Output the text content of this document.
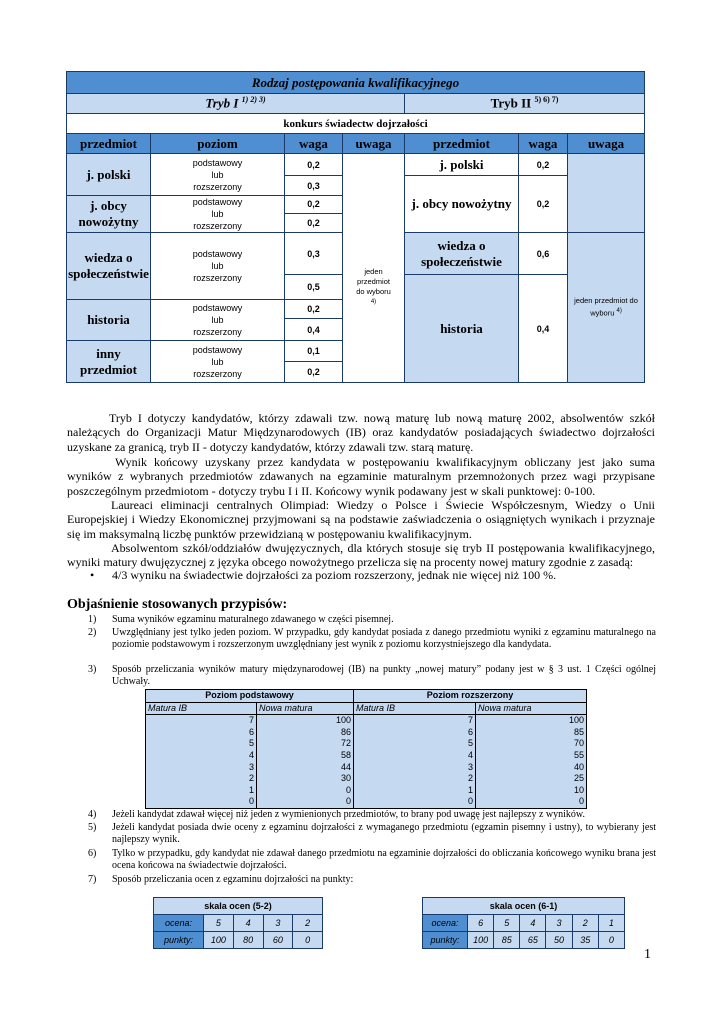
Rodzaj postępowania kwalifikacyjnego						
Tryb I $^{1) 2) 3)}$				Tryb II $^{5) 6) 7)}$
konkurs świadectw dojrzałości						
przedmiot	poziom	waga	uwaga	przedmiot	waga	uwaga
j. polski	podstawowy
lub
rozszerzony	0,2	jeden przedmiot do wyboru $^{4)}$	j. polski	0,2	
		0,3		j. obcy nowożytny	0,2	
j. obcy nowożytny	podstawowy
lub
rozszerzony	0,2				
		0,2				
wiedza o społeczeństwie	podstawowy
lub
rozszerzony	0,3		wiedza o społeczeństwie	0,6	jeden przedmiot do wyboru $^{4)}$

		0,5		historia	0,4	
historia	podstawowy
lub
rozszerzony	0,2				
		0,4				
inny przedmiot	podstawowy
lub
rozszerzony	0,1				
		0,2				
Tryb I dotyczy kandydatów, którzy zdawali tzw. nową maturę lub nową maturę 2002, absolwentów szkół należących do Organizacji Matur Międzynarodowych (IB) oraz kandydatów posiadających świadectwo dojrzałości uzyskane za granicą, tryb II - dotyczy kandydatów, którzy zdawali tzw. starą maturę.
Wynik końcowy uzyskany przez kandydata w postępowaniu kwalifikacyjnym obliczany jest jako suma wyników z wybranych przedmiotów zdawanych na egzaminie maturalnym przemnożonych przez wagi przypisane poszczególnym przedmiotom - dotyczy trybu I i II. Końcowy wynik podawany jest w skali punktowej: 0-100.
Laureaci eliminacji centralnych Olimpiad: Wiedzy o Polsce i Świecie Współczesnym, Wiedzy o Unii Europejskiej i Wiedzy Ekonomicznej przyjmowani są na podstawie zaświadczenia o osiągniętych wynikach i przyznaje się im maksymalną liczbę punktów przewidzianą w postępowaniu kwalifikacyjnym.
Absolwentom szkół/oddziałów dwujęzycznych, dla których stosuje się tryb II postępowania kwalifikacyjnego, wyniki matury dwujęzycznej z języka obcego nowożytnego przelicza się na procenty nowej matury zgodnie z zasadą:
• 4/3 wyniku na świadectwie dojrzałości za poziom rozszerzony, jednak nie więcej niż 100 %.
Objaśnienie stosowanych przypisów:
1) Suma wyników egzaminu maturalnego zdawanego w części pisemnej.
2) Uwzględniany jest tylko jeden poziom. W przypadku, gdy kandydat posiada z danego przedmiotu wyniki z egzaminu maturalnego na poziomie podstawowym i rozszerzonym uwzględniany jest wynik z poziomu korzystniejszego dla kandydata.
3) Sposób przeliczania wyników matury międzynarodowej (IB) na punkty „nowej matury” podany jest w § 3 ust. 1 Części ogólnej Uchwały.
Poziom podstawowy		Poziom rozszerzony	
Matura IB	Nowa matura	Matura IB	Nowa matura
7	100	7	100
6	86	6	85
5	72	5	70
4	58	4	55
3	44	3	40
2	30	2	25
1	0	1	10
0	0	0	0
4) Jeżeli kandydat zdawał więcej niż jeden z wymienionych przedmiotów, to brany pod uwagę jest najlepszy z wyników.
5) Jeżeli kandydat posiada dwie oceny z egzaminu dojrzałości z wymaganego przedmiotu (egzamin pisemny i ustny), to wybierany jest najlepszy wynik.
6) Tylko w przypadku, gdy kandydat nie zdawał danego przedmiotu na egzaminie dojrzałości do obliczania końcowego wyniku brana jest ocena końcowa na świadectwie dojrzałości.
7) Sposób przeliczania ocen z egzaminu dojrzałości na punkty:
skala ocen (5-2)				
ocena:	5	4	3	2
punkty:	100	80	60	0
skala ocen (6-1)						
ocena:	6	5	4	3	2	1
punkty:	100	85	65	50	35	0
1
